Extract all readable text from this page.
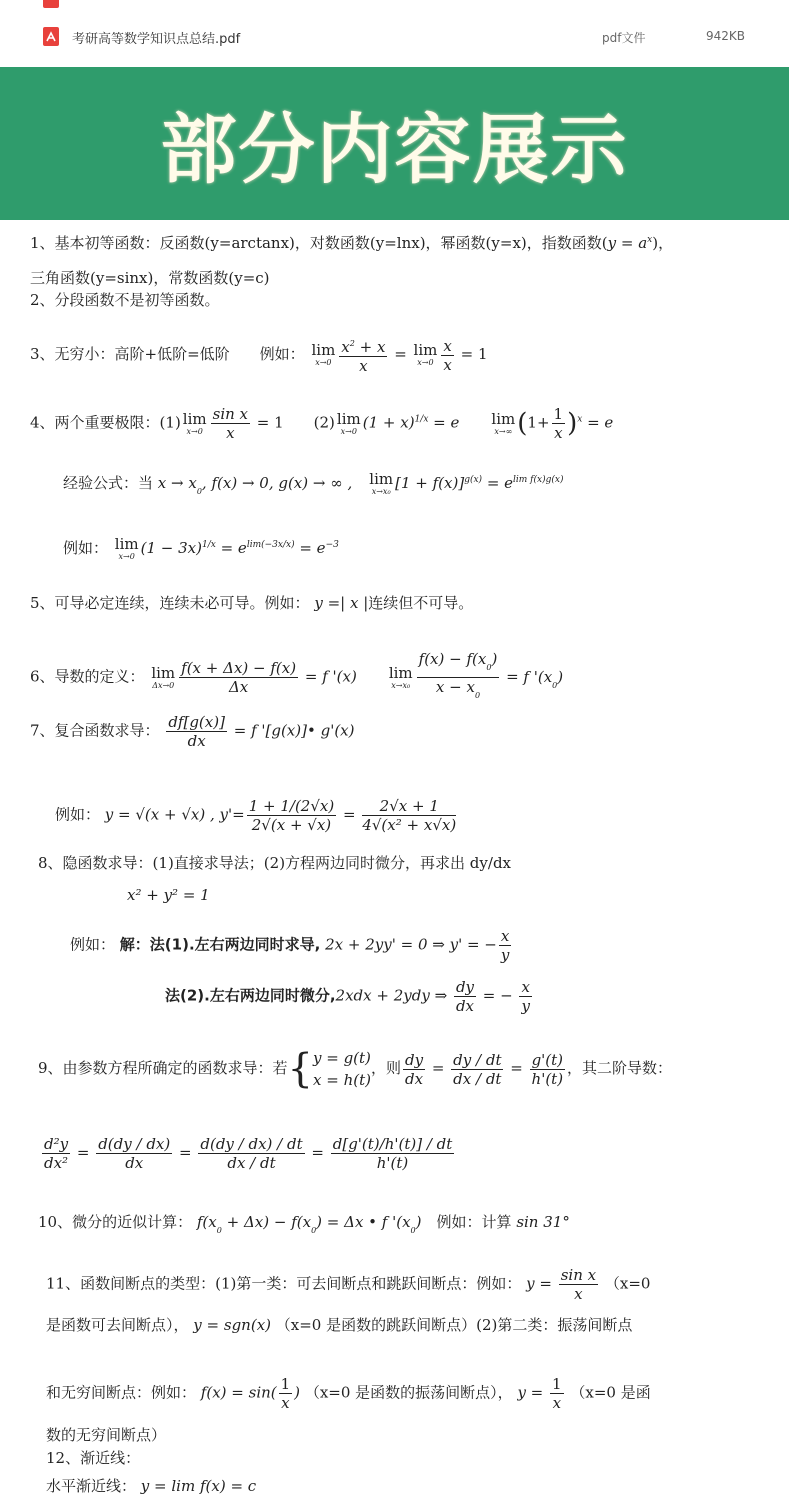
考研高等数学知识点总结.pdf	pdf文件	942KB
部分内容展示
1、基本初等函数：反函数(y=arctanx)，对数函数(y=lnx)，幂函数(y=x)，指数函数$(y = a^x)$，
三角函数(y=sinx)，常数函数(y=c)
2、分段函数不是初等函数。
3、无穷小：高阶+低阶=低阶　　例如： lim
$x\to 0 \frac{x^2 + x}{x} = \lim$
$x\to 0 \frac{x}{x} = 1$
4、两个重要极限：(1) lim
$x\to 0 \frac{\text{sin x}}{x} = 1$　　(2) lim
x→0 $(1 + x)^{1/x} = e$　　 lim
x→∞ $(1+ \frac{1}{x} )^x = e$
经验公式：当 $x \to x_0$, f(x) → 0, g(x) → ∞ ,　 lim
x→x₀ $[1 + f(x)]^{g(x)} = e^{lim f(x)g(x)}$
例如： lim
x→0 $(1 - 3x)^{1/x} = e^{lim(-3x/x)} = e^{-3}$
5、可导必定连续，连续未必可导。例如： y =| x |连续但不可导。
6、导数的定义： lim
$\Delta x\to 0 \frac{f(x + \Delta x) - f(x)}{\Delta x} = f$ '(x)　　 lim
$x\to x_0 \frac{f(x) - f(x_0)}{x - x_0} = f$ '$(x_0)$
7、复合函数求导： $\frac{df[g(x)]}{dx} = f$ '[g(x)]• g'(x)
例如： y = √(x + √x) , $y'= \frac{1 + 1/(2√x)}{2√(x + √x)} = \frac{2√x + 1}{\text{4√(x² + x√x)}}$
8、隐函数求导：(1)直接求导法；(2)方程两边同时微分，再求出 dy/dx
x² + y² = 1
例如： 解：法(1).左右两边同时求导, 2x + 2yy' = 0 ⇒ y' = − $\frac{x}{y}$
法(2).左右两边同时微分,2xdx + 2ydy ⇒ $\frac{dy}{dx}$ = − $\frac{x}{y}$
9、由参数方程所确定的函数求导：若{y = g(t)
x = h(t)，则 $\frac{dy}{dx} = \frac{dy / dt}{dx / dt} = \frac{g'(t)}{h'(t)}$ ，其二阶导数：
$\frac{\text{d²y}}{\text{dx²}} = \frac{d(dy / dx)}{dx} = \frac{d(dy / dx) / dt}{dx / dt} = \frac{d[g'(t)/h'(t)] / dt}{h'(t)}$
10、微分的近似计算： $f(x_0 + \Delta x) - f(x_0) = \Delta x$ • f '$(x_0)$　 例如：计算 sin 31°
11、函数间断点的类型：(1)第一类：可去间断点和跳跃间断点：例如： $y = \frac{\text{sin x}}{x} (x=0$
是函数可去间断点）， y = sgn(x) （x=0 是函数的跳跃间断点）(2)第二类：振荡间断点
和无穷间断点：例如： $f(x) = \sin( \frac{1}{x}$ ) （x=0 是函数的振荡间断点）， $y = \frac{1}{x} (x=0$ 是函
数的无穷间断点）
12、渐近线：
水平渐近线： y = lim f(x) = c
